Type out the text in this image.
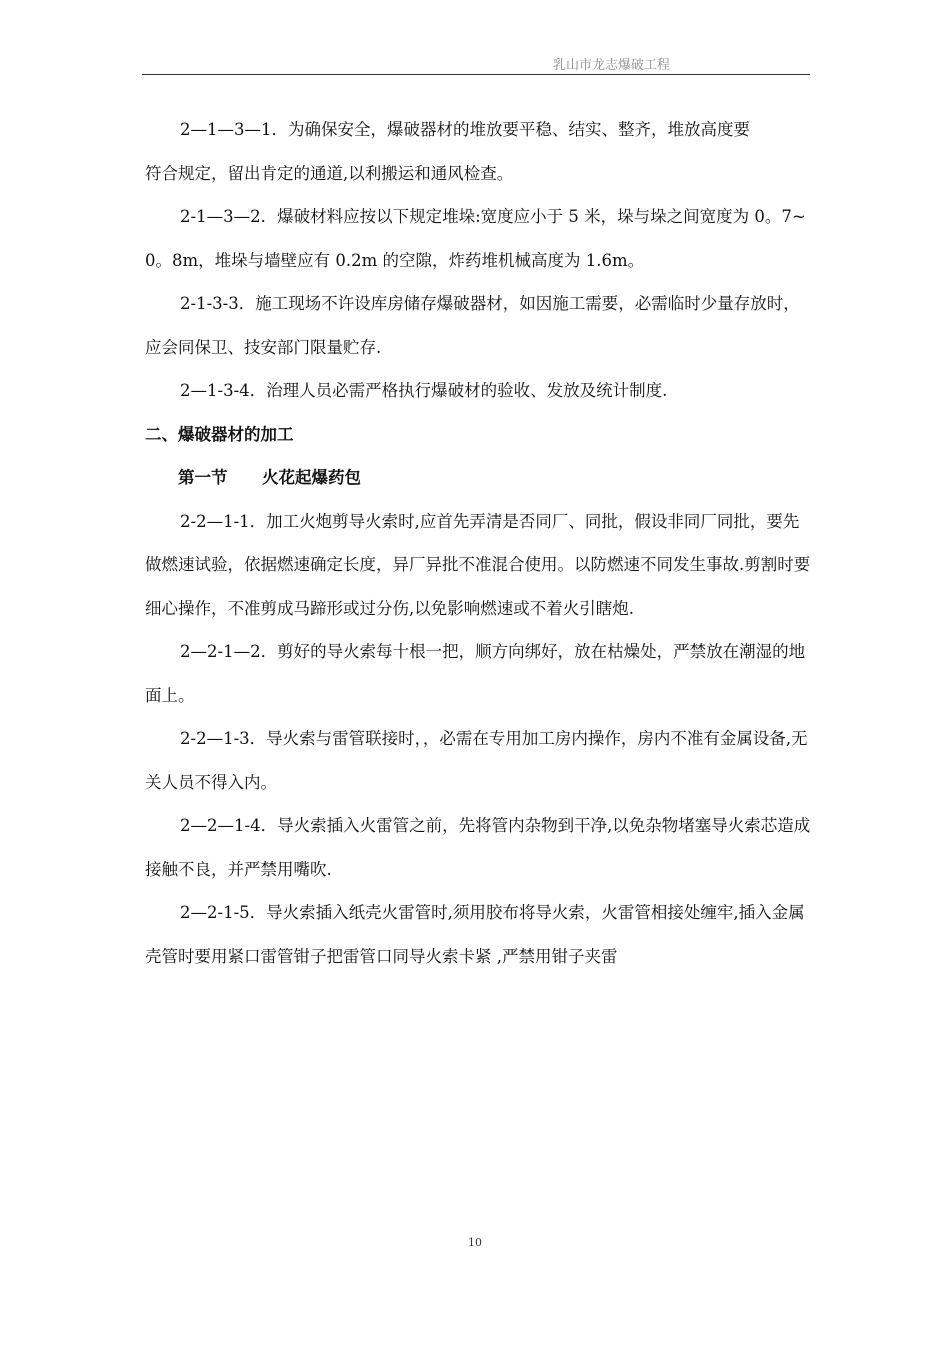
乳山市龙志爆破工程

2—1—3—1．为确保安全，爆破器材的堆放要平稳、结实、整齐，堆放高度要

符合规定，留出肯定的通道,以利搬运和通风检查。

2-1—3—2．爆破材料应按以下规定堆垛:宽度应小于 5 米，垛与垛之间宽度为 0。7~0。8m，堆垛与墙壁应有 0.2m 的空隙，炸药堆机械高度为 1.6m。

2-1-3-3．施工现场不许设库房储存爆破器材，如因施工需要，必需临时少量存放时，应会同保卫、技安部门限量贮存.

2—1-3-4．治理人员必需严格执行爆破材的验收、发放及统计制度.

二、爆破器材的加工
第一节      火花起爆药包

2-2—1-1．加工火炮剪导火索时,应首先弄清是否同厂、同批，假设非同厂同批，要先做燃速试验，依据燃速确定长度，异厂异批不准混合使用。以防燃速不同发生事故.剪割时要细心操作，不准剪成马蹄形或过分伤,以免影响燃速或不着火引瞎炮.

2—2-1—2．剪好的导火索每十根一把，顺方向绑好，放在枯燥处，严禁放在潮湿的地面上。

2-2—1-3．导火索与雷管联接时，，必需在专用加工房内操作，房内不准有金属设备,无关人员不得入内。

2—2—1-4．导火索插入火雷管之前，先将管内杂物到干净,以免杂物堵塞导火索芯造成接触不良，并严禁用嘴吹.

2—2-1-5．导火索插入纸壳火雷管时,须用胶布将导火索，火雷管相接处缠牢,插入金属壳管时要用紧口雷管钳子把雷管口同导火索卡紧 ,严禁用钳子夹雷

10
